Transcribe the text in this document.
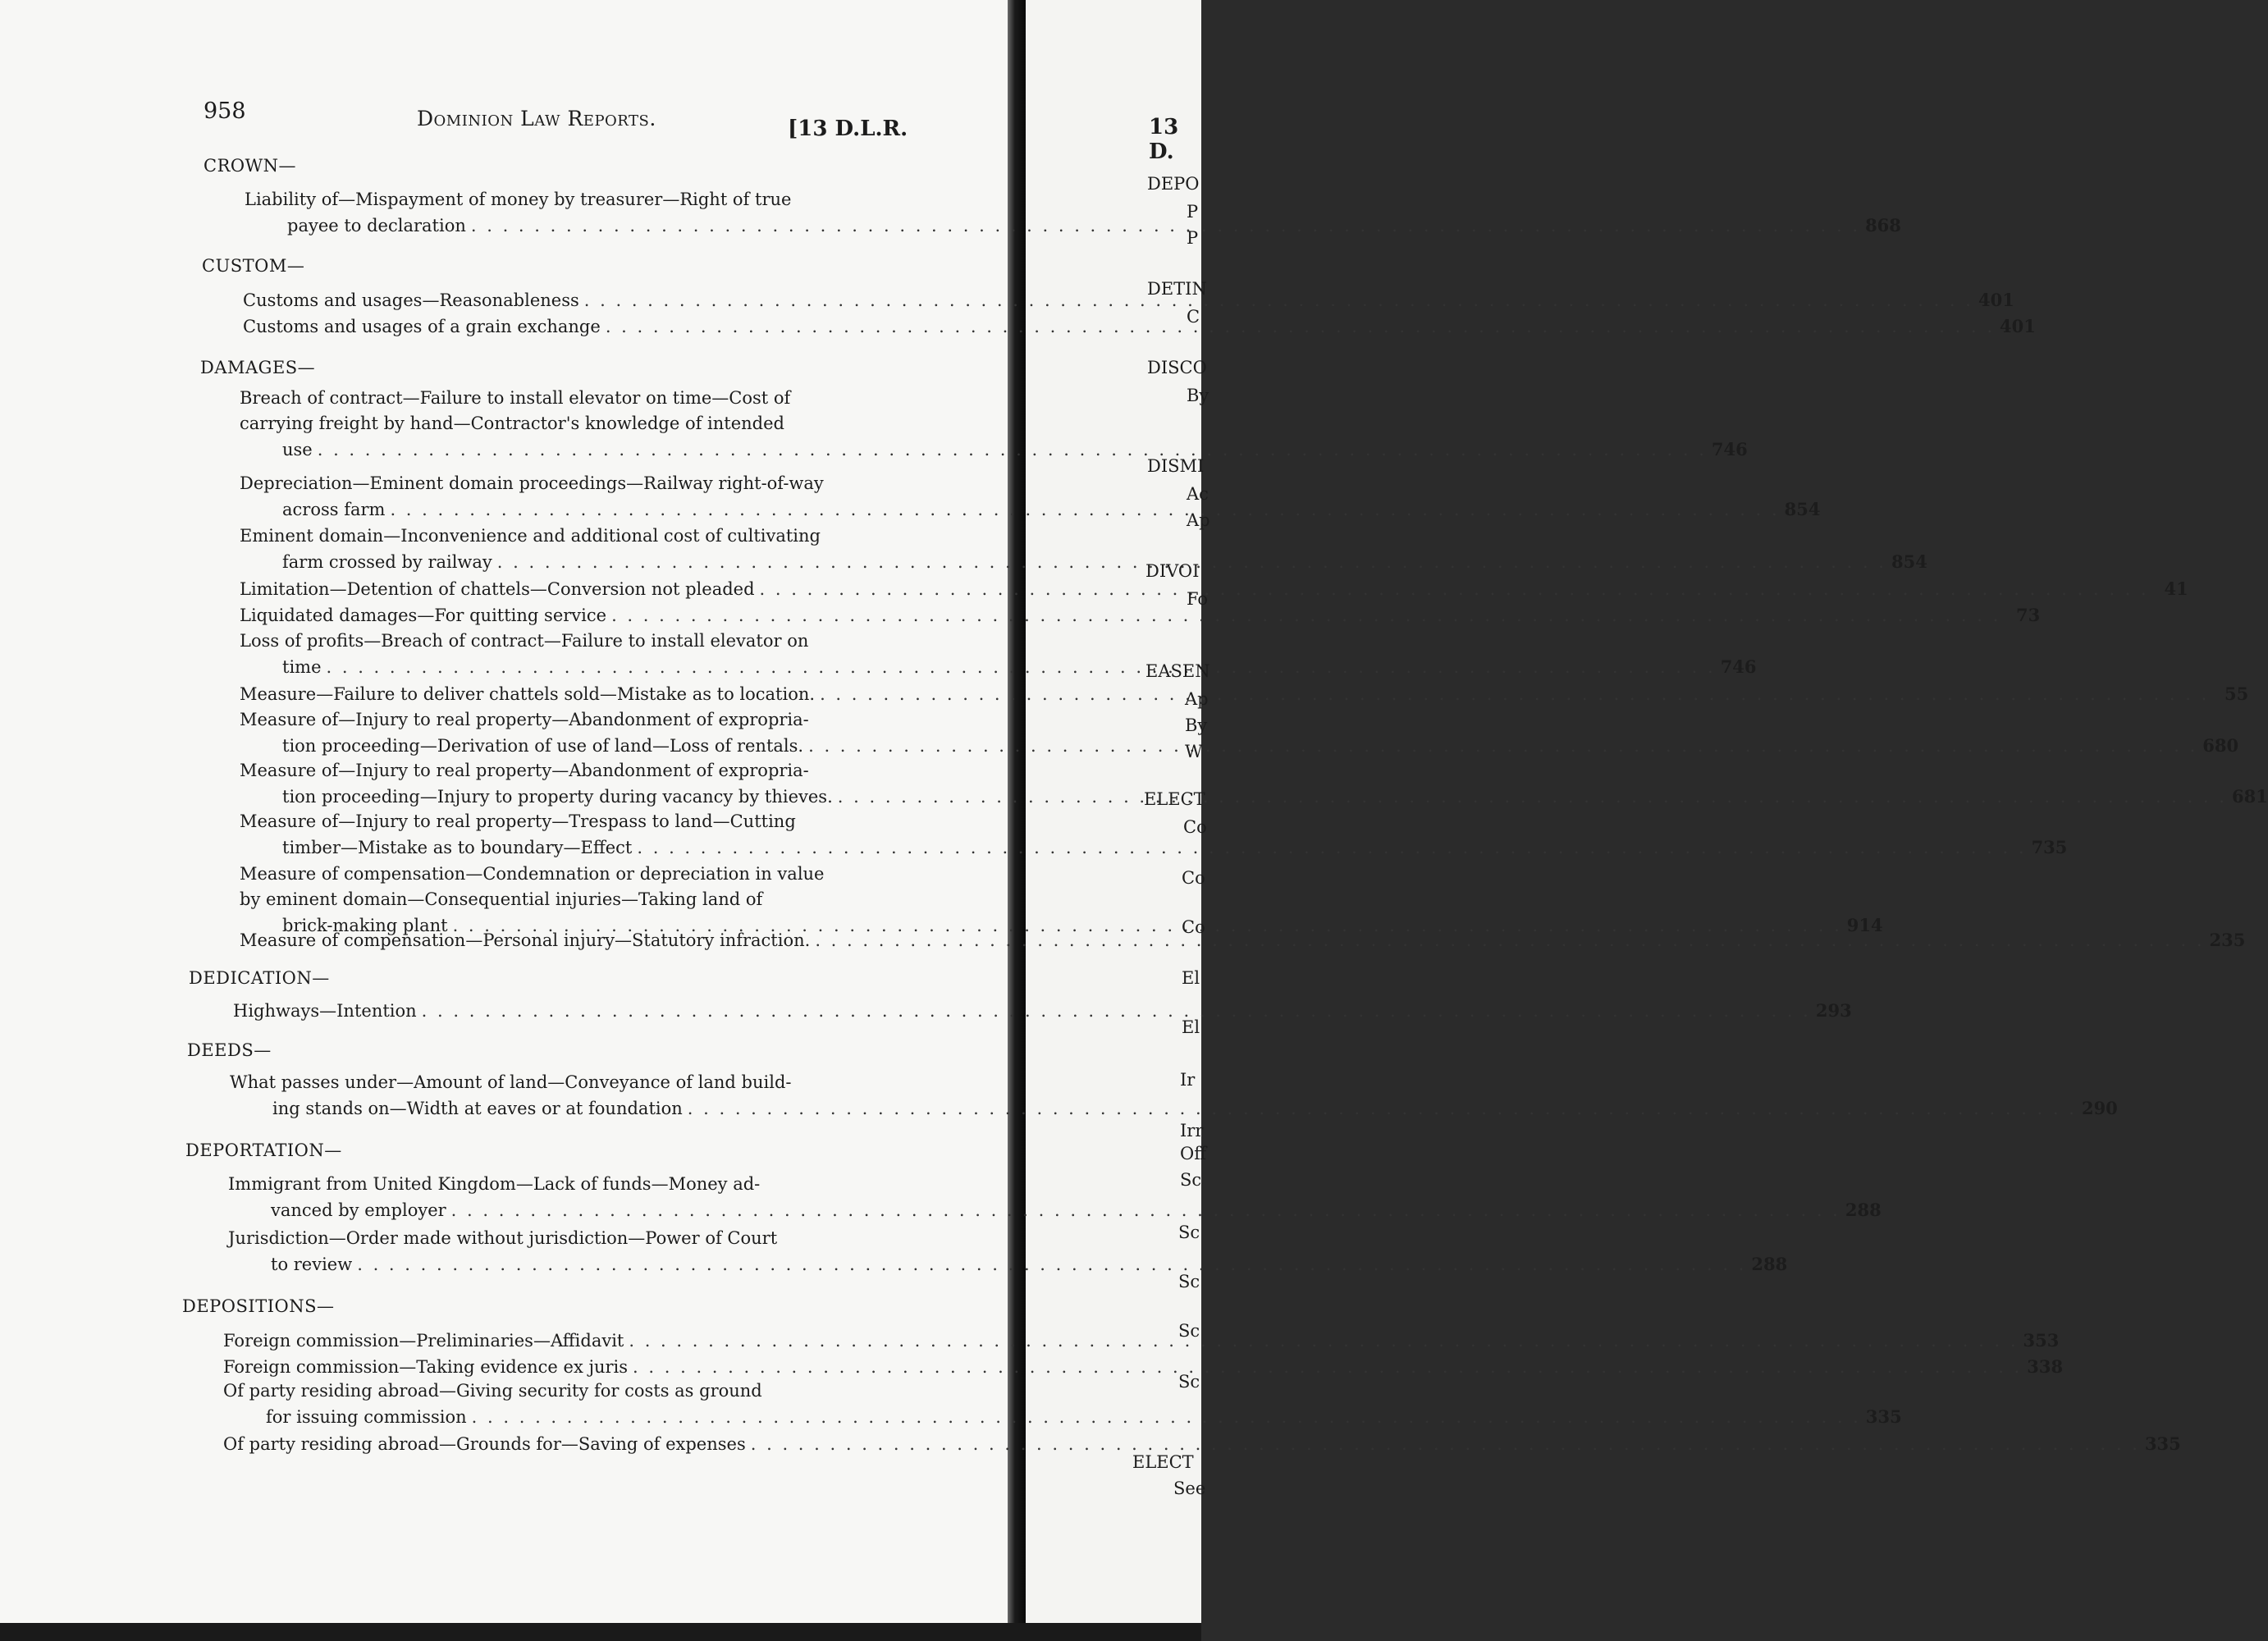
958	Dominion Law Reports.	[13 D.L.R.
CROWN—
Liability of—Mispayment of money by treasurer—Right of true
payee to declaration . . .	868
CUSTOM—
Customs and usages—Reasonableness . . .	401
Customs and usages of a grain exchange . . .	401
DAMAGES—
Breach of contract—Failure to install elevator on time—Cost of carrying freight by hand—Contractor's knowledge of intended
use . . .	746
Depreciation—Eminent domain proceedings—Railway right-of-way
across farm . . .	854
Eminent domain—Inconvenience and additional cost of cultivating
farm crossed by railway . . .	854
Limitation—Detention of chattels—Conversion not pleaded . . .	41
Liquidated damages—For quitting service . . .	73
Loss of profits—Breach of contract—Failure to install elevator on
time . . .	746
Measure—Failure to deliver chattels sold—Mistake as to location. . . .	55
Measure of—Injury to real property—Abandonment of expropria-
tion proceeding—Derivation of use of land—Loss of rentals. . . .	680
Measure of—Injury to real property—Abandonment of expropria-
tion proceeding—Injury to property during vacancy by thieves. . . .	681
Measure of—Injury to real property—Trespass to land—Cutting
timber—Mistake as to boundary—Effect . . .	735
Measure of compensation—Condemnation or depreciation in value by eminent domain—Consequential injuries—Taking land of
brick-making plant . . .	914
Measure of compensation—Personal injury—Statutory infraction. . . .	235
DEDICATION—
Highways—Intention . . .	293
DEEDS—
What passes under—Amount of land—Conveyance of land build-
ing stands on—Width at eaves or at foundation . . .	290
DEPORTATION—
Immigrant from United Kingdom—Lack of funds—Money ad-
vanced by employer . . .	288
Jurisdiction—Order made without jurisdiction—Power of Court
to review . . .	288
DEPOSITIONS—
Foreign commission—Preliminaries—Affidavit . . .	353
Foreign commission—Taking evidence ex juris . . .	338
Of party residing abroad—Giving security for costs as ground
for issuing commission . . .	335
Of party residing abroad—Grounds for—Saving of expenses . . .	335
13 D.
DEPO
P
P
DETIN
C
DISCO
By
DISMI
Ac
Ap
DIVOI
Fo
EASEN
Ap
By
W
ELECT
Co
Co
Co
El
El
Ir
Irr
Off
Sc
Sc
Sc
Sc
Sc
ELECT
See
